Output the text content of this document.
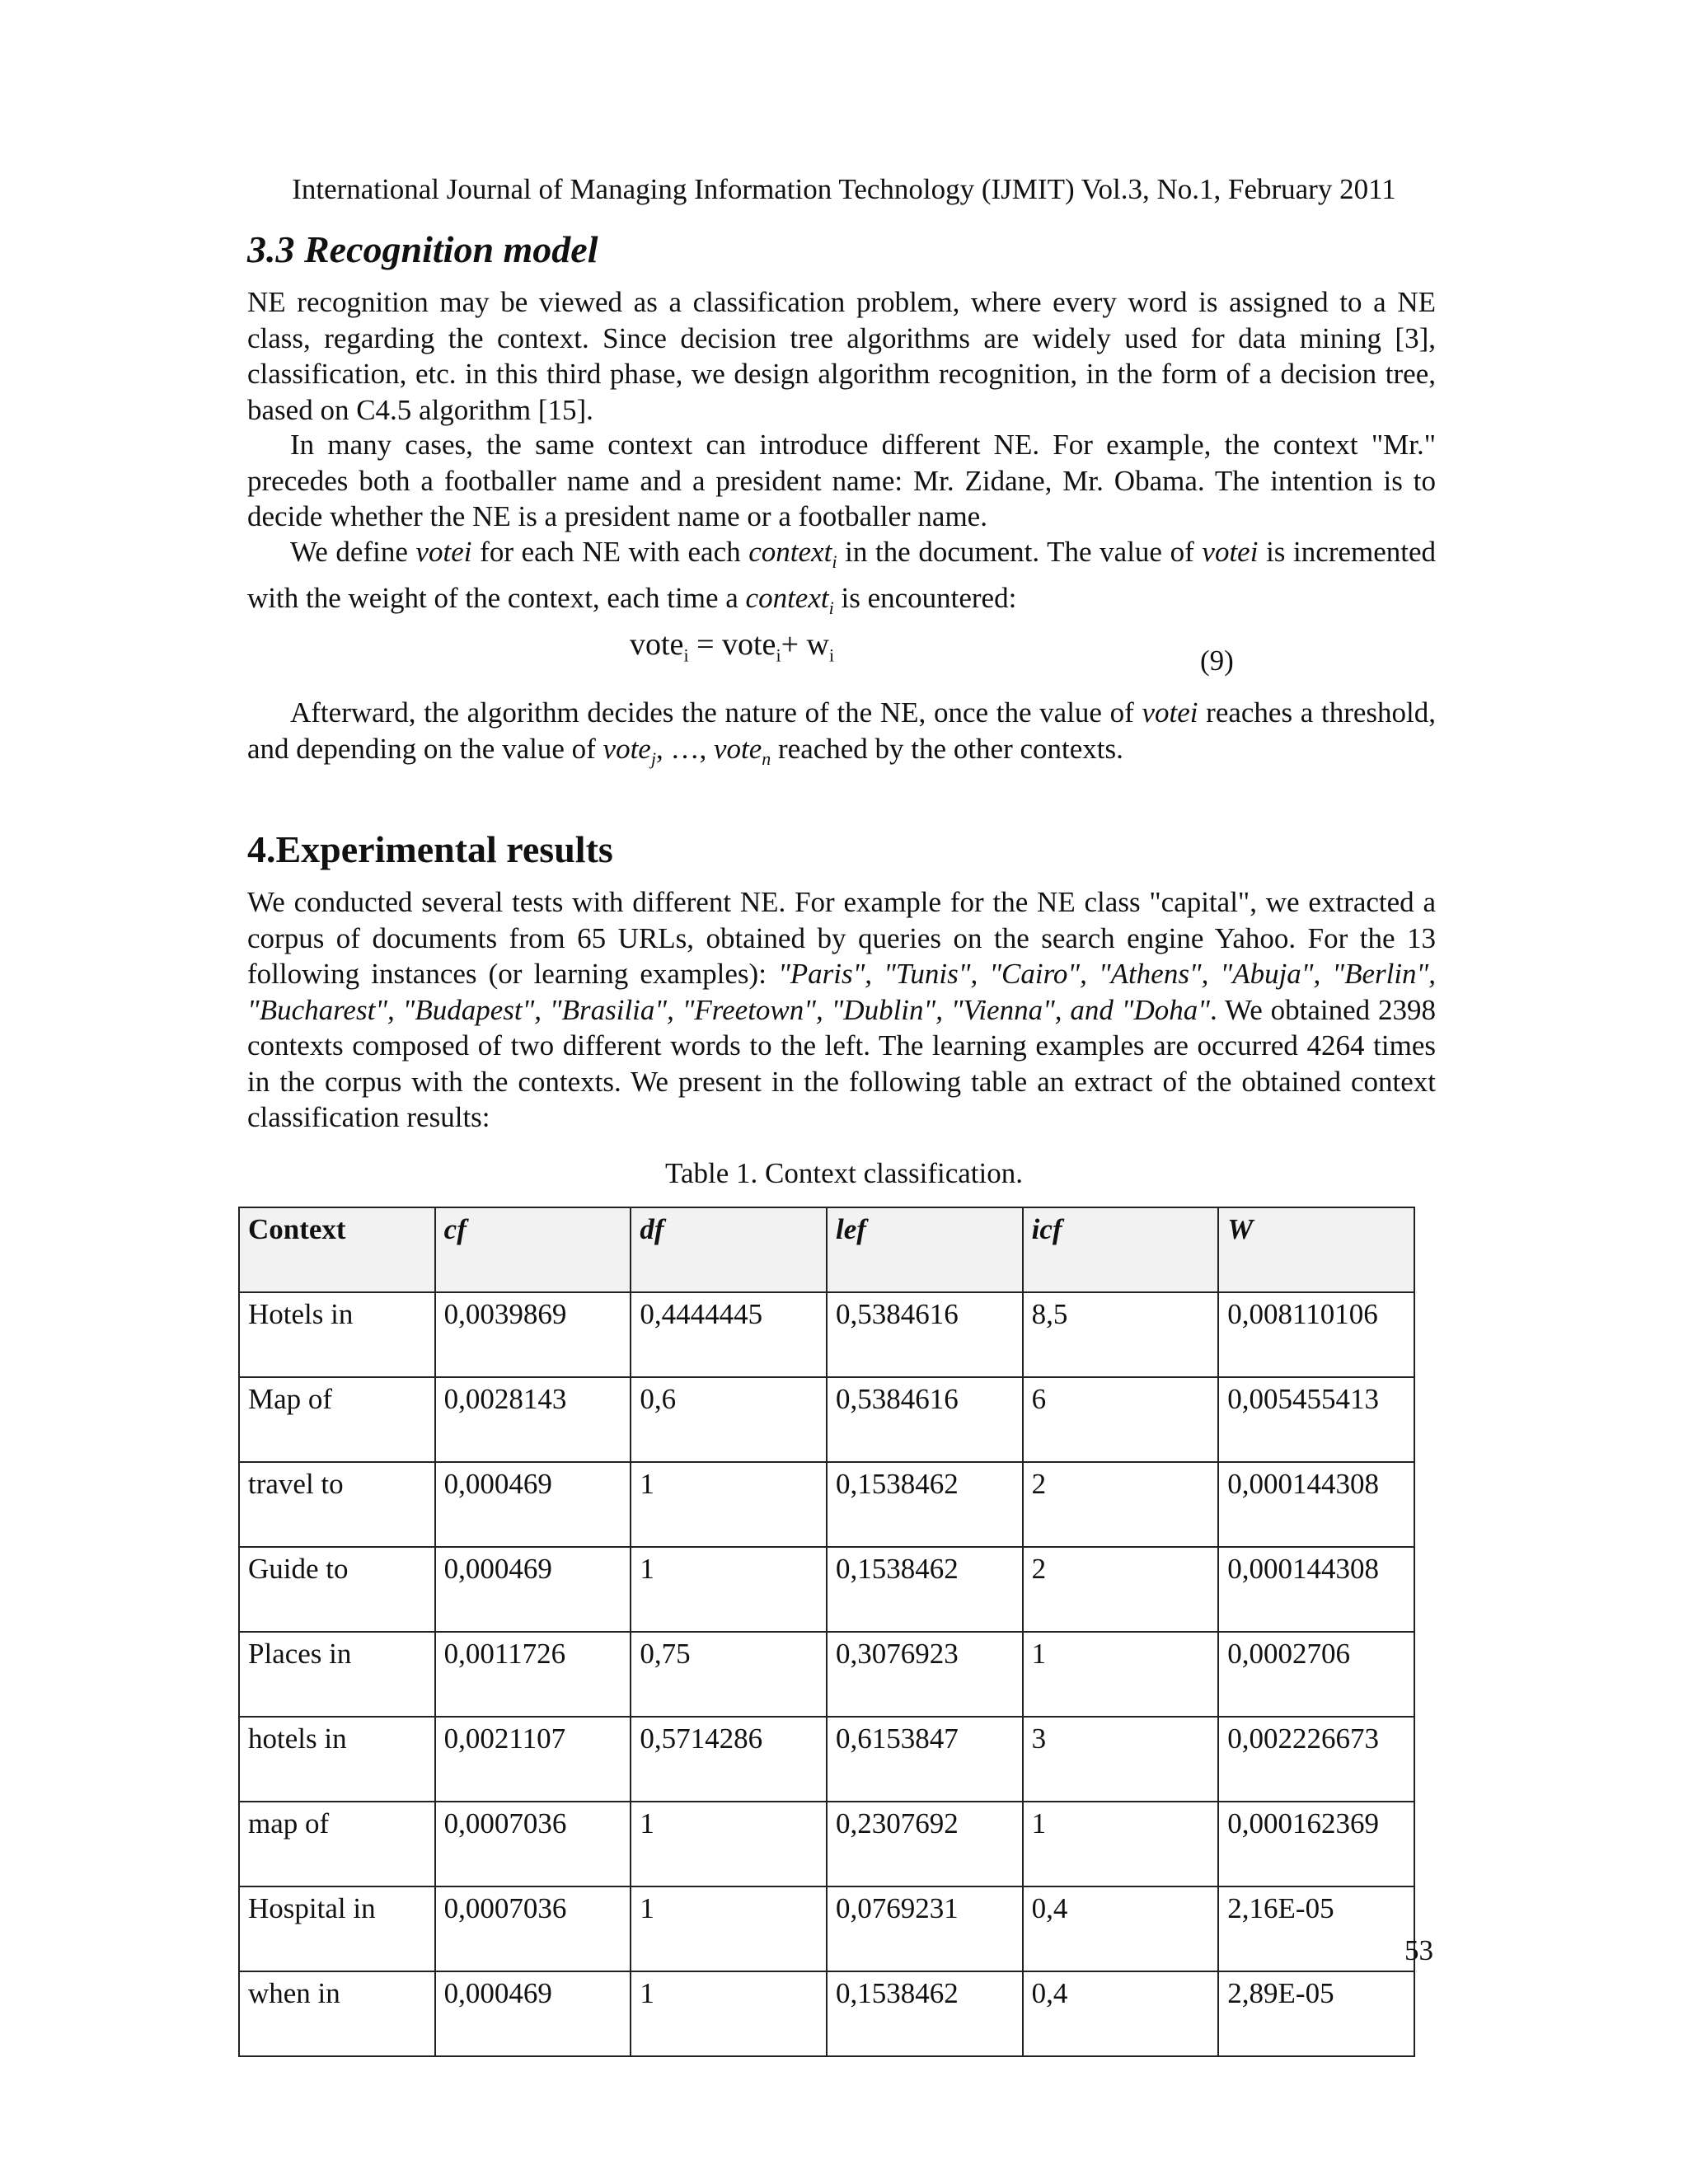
International Journal of Managing Information Technology (IJMIT) Vol.3, No.1, February 2011
3.3 Recognition model

NE recognition may be viewed as a classification problem, where every word is assigned to a NE class, regarding the context. Since decision tree algorithms are widely used for data mining [3], classification, etc. in this third phase, we design algorithm recognition, in the form of a decision tree, based on C4.5 algorithm [15].

In many cases, the same context can introduce different NE. For example, the context "Mr." precedes both a footballer name and a president name: Mr. Zidane, Mr. Obama. The intention is to decide whether the NE is a president name or a footballer name.

We define votei for each NE with each context$_i$ in the document. The value of votei is incremented with the weight of the context, each time a context$_i$ is encountered:

vote$_i$ = vote$_i$+ $w_i$	(9)

Afterward, the algorithm decides the nature of the NE, once the value of votei reaches a threshold, and depending on the value of vote$_j$, …, vote$_n$ reached by the other contexts.

4.Experimental results

We conducted several tests with different NE. For example for the NE class "capital", we extracted a corpus of documents from 65 URLs, obtained by queries on the search engine Yahoo. For the 13 following instances (or learning examples): "Paris", "Tunis", "Cairo", "Athens", "Abuja", "Berlin", "Bucharest", "Budapest", "Brasilia", "Freetown", "Dublin", "Vienna", and "Doha". We obtained 2398 contexts composed of two different words to the left. The learning examples are occurred 4264 times in the corpus with the contexts. We present in the following table an extract of the obtained context classification results:

Table 1. Context classification.
Context	cf	df	lef	icf	W
Hotels in	0,0039869	0,4444445	0,5384616	8,5	0,008110106
Map of	0,0028143	0,6	0,5384616	6	0,005455413
travel to	0,000469	1	0,1538462	2	0,000144308
Guide to	0,000469	1	0,1538462	2	0,000144308
Places in	0,0011726	0,75	0,3076923	1	0,0002706
hotels in	0,0021107	0,5714286	0,6153847	3	0,002226673
map of	0,0007036	1	0,2307692	1	0,000162369
Hospital in	0,0007036	1	0,0769231	0,4	2,16E-05
when in	0,000469	1	0,1538462	0,4	2,89E-05
53
